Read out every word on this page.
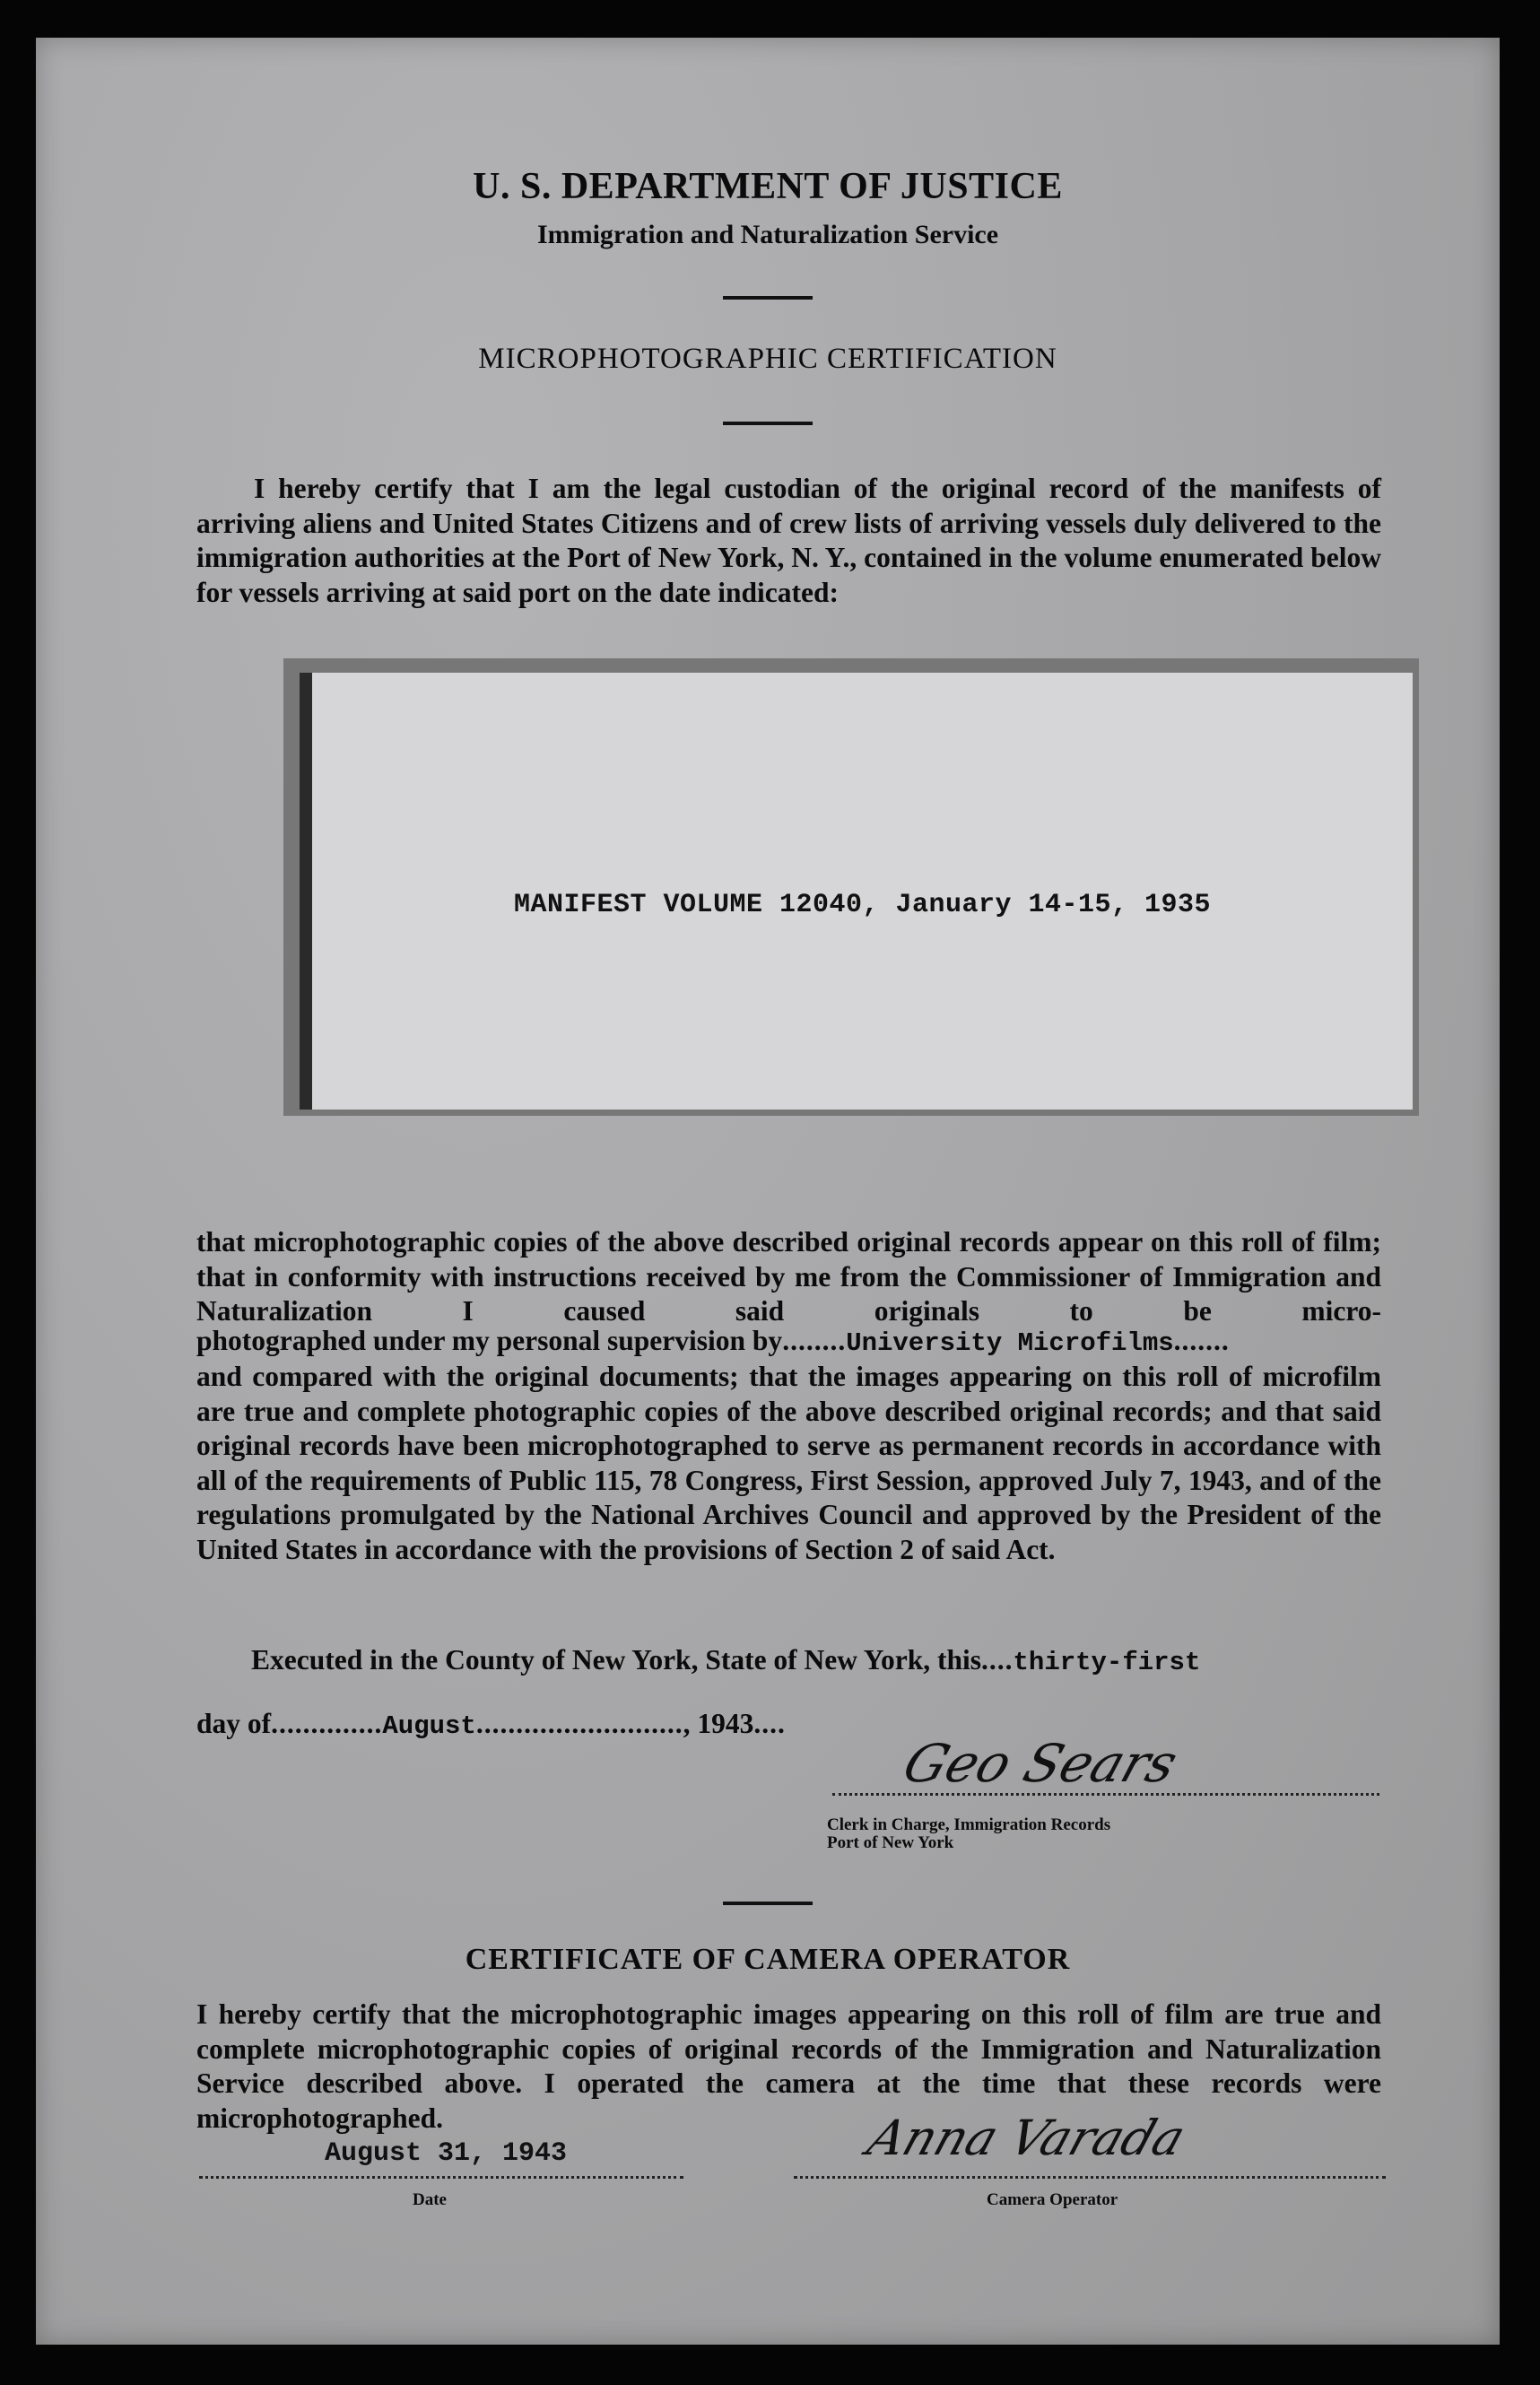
U. S. DEPARTMENT OF JUSTICE
Immigration and Naturalization Service
MICROPHOTOGRAPHIC CERTIFICATION

I hereby certify that I am the legal custodian of the original record of the manifests of arriving aliens and United States Citizens and of crew lists of arriving vessels duly delivered to the immigration authorities at the Port of New York, N. Y., contained in the volume enumerated below for vessels arriving at said port on the date indicated:

MANIFEST VOLUME 12040, January 14-15, 1935

that microphotographic copies of the above described original records appear on this roll of film; that in conformity with instructions received by me from the Commissioner of Immigration and Naturalization I caused said originals to be micro-

photographed under my personal supervision by........University Microfilms.......

and compared with the original documents; that the images appearing on this roll of microfilm are true and complete photographic copies of the above described original records; and that said original records have been microphotographed to serve as permanent records in accordance with all of the requirements of Public 115, 78 Congress, First Session, approved July 7, 1943, and of the regulations promulgated by the National Archives Council and approved by the President of the United States in accordance with the provisions of Section 2 of said Act.

Executed in the County of New York, State of New York, this....thirty-first
day of..............August.........................., 1943....
Geo Sears
Clerk in Charge, Immigration Records
Port of New York
CERTIFICATE OF CAMERA OPERATOR

I hereby certify that the microphotographic images appearing on this roll of film are true and complete microphotographic copies of original records of the Immigration and Naturalization Service described above. I operated the camera at the time that these records were microphotographed.

August 31, 1943
Date
Anna Varada
Camera Operator
